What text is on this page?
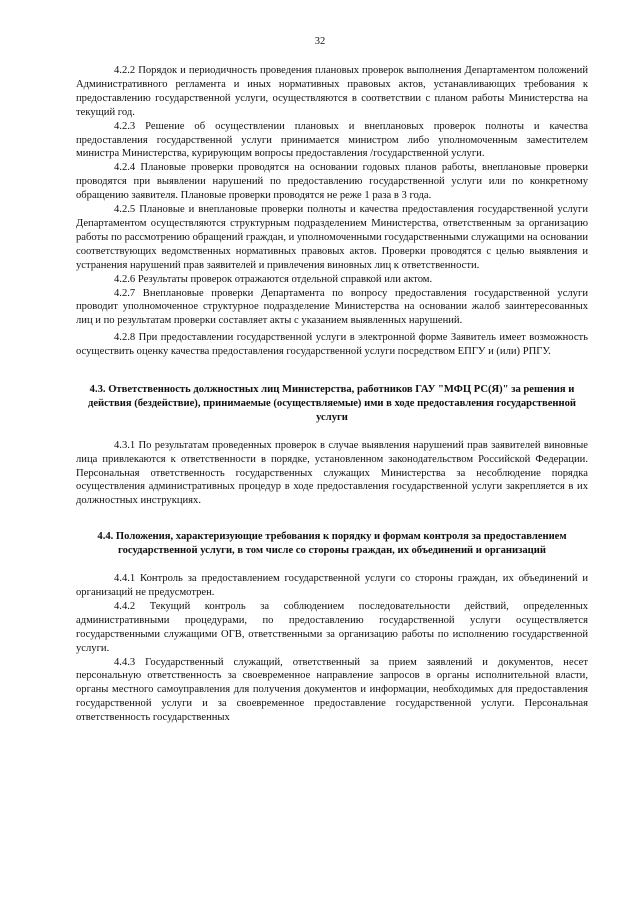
32

4.2.2 Порядок и периодичность проведения плановых проверок выполнения Департаментом положений Административного регламента и иных нормативных правовых актов, устанавливающих требования к предоставлению государственной услуги, осуществляются в соответствии с планом работы Министерства на текущий год.

4.2.3 Решение об осуществлении плановых и внеплановых проверок полноты и качества предоставления государственной услуги принимается министром либо уполномоченным заместителем министра Министерства, курирующим вопросы предоставления /государственной услуги.

4.2.4 Плановые проверки проводятся на основании годовых планов работы, внеплановые проверки проводятся при выявлении нарушений по предоставлению государственной услуги или по конкретному обращению заявителя. Плановые проверки проводятся не реже 1 раза в 3 года.

4.2.5 Плановые и внеплановые проверки полноты и качества предоставления государственной услуги Департаментом осуществляются структурным подразделением Министерства, ответственным за организацию работы по рассмотрению обращений граждан, и уполномоченными государственными служащими на основании соответствующих ведомственных нормативных правовых актов. Проверки проводятся с целью выявления и устранения нарушений прав заявителей и привлечения виновных лиц к ответственности.

4.2.6 Результаты проверок отражаются отдельной справкой или актом.

4.2.7 Внеплановые проверки Департамента по вопросу предоставления государственной услуги проводит уполномоченное структурное подразделение Министерства на основании жалоб заинтересованных лиц и по результатам проверки составляет акты с указанием выявленных нарушений.

4.2.8 При предоставлении государственной услуги в электронной форме Заявитель имеет возможность осуществить оценку качества предоставления государственной услуги посредством ЕПГУ и (или) РПГУ.

4.3. Ответственность должностных лиц Министерства, работников ГАУ "МФЦ РС(Я)" за решения и действия (бездействие), принимаемые (осуществляемые) ими в ходе предоставления государственной услуги

4.3.1 По результатам проведенных проверок в случае выявления нарушений прав заявителей виновные лица привлекаются к ответственности в порядке, установленном законодательством Российской Федерации. Персональная ответственность государственных служащих Министерства за несоблюдение порядка осуществления административных процедур в ходе предоставления государственной услуги закрепляется в их должностных инструкциях.

4.4. Положения, характеризующие требования к порядку и формам контроля за предоставлением государственной услуги, в том числе со стороны граждан, их объединений и организаций

4.4.1 Контроль за предоставлением государственной услуги со стороны граждан, их объединений и организаций не предусмотрен.

4.4.2 Текущий контроль за соблюдением последовательности действий, определенных административными процедурами, по предоставлению государственной услуги осуществляется государственными служащими ОГВ, ответственными за организацию работы по исполнению государственной услуги.

4.4.3 Государственный служащий, ответственный за прием заявлений и документов, несет персональную ответственность за своевременное направление запросов в органы исполнительной власти, органы местного самоуправления для получения документов и информации, необходимых для предоставления государственной услуги и за своевременное предоставление государственной услуги. Персональная ответственность государственных
